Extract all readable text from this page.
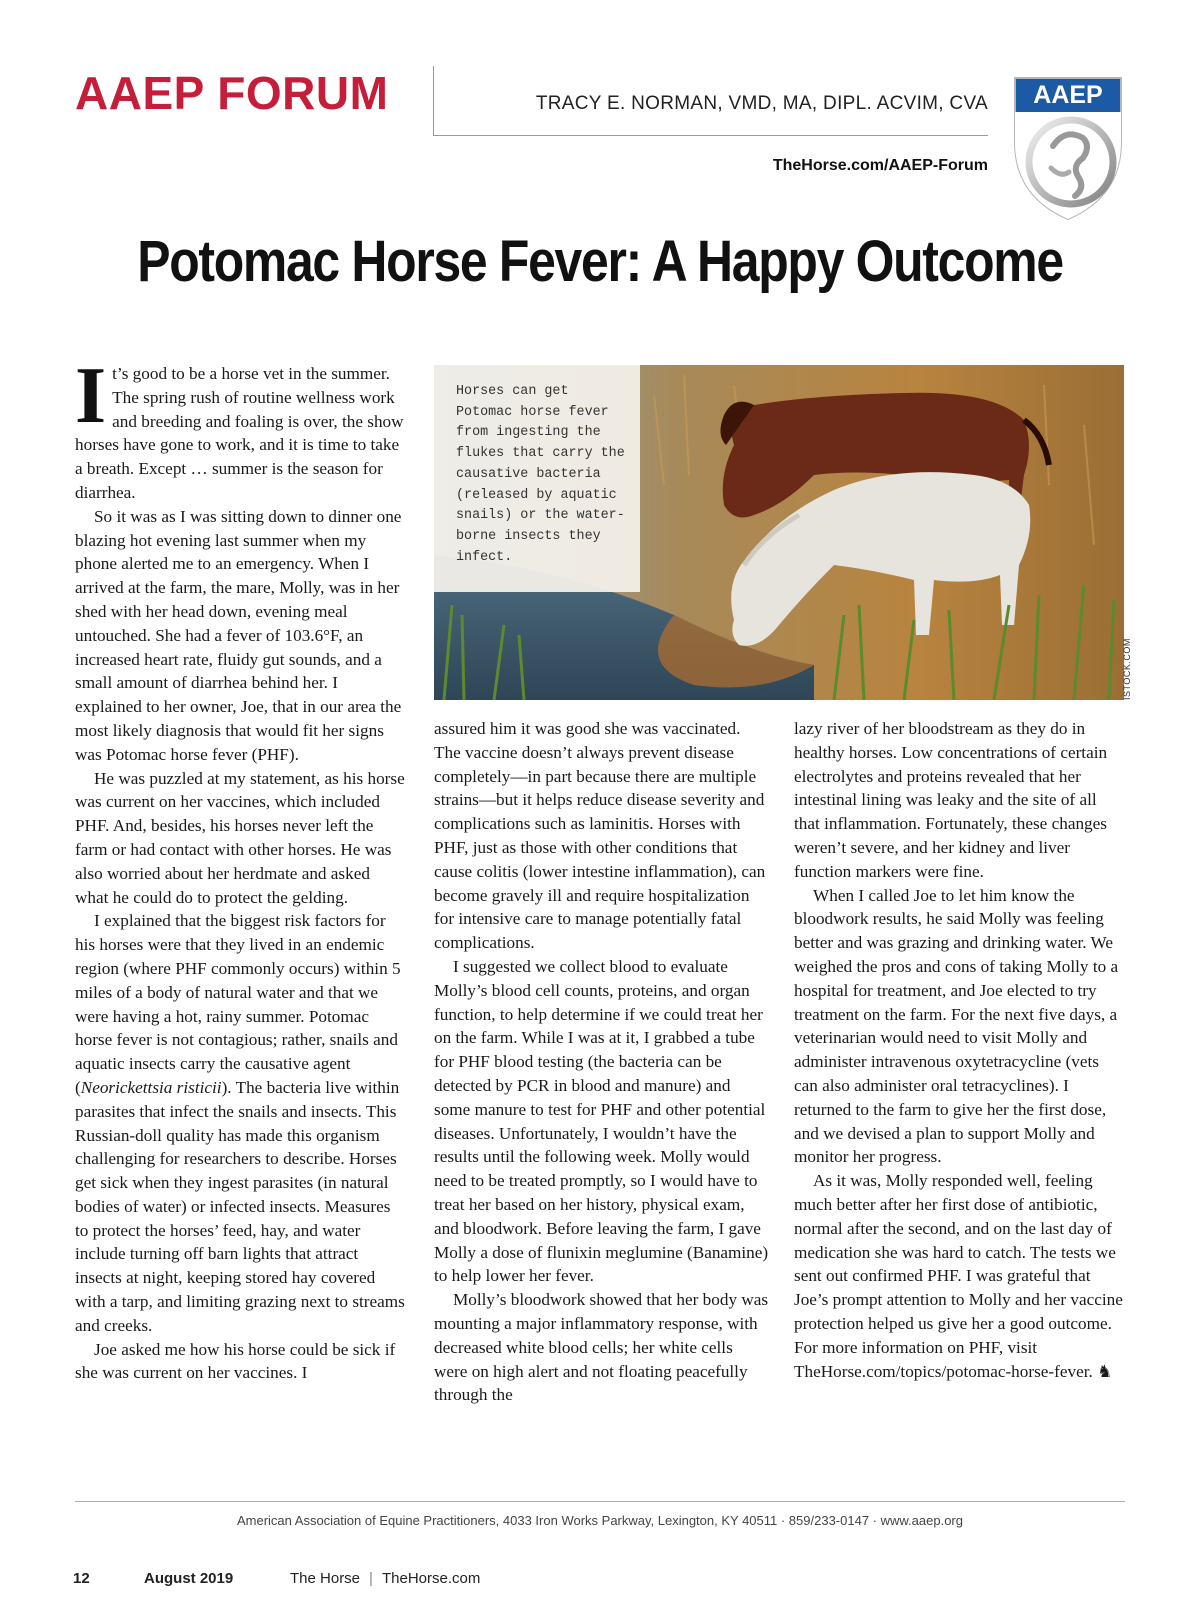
AAEP FORUM	TRACY E. NORMAN, VMD, MA, DIPL. ACVIM, CVA
TheHorse.com/AAEP-Forum
AAEP
Potomac Horse Fever: A Happy Outcome
Horses can get Potomac horse fever from ingesting the flukes that carry the causative bacteria (released by aquatic snails) or the water-borne insects they infect.
ISTOCK.COM

It’s good to be a horse vet in the summer. The spring rush of routine wellness work and breeding and foaling is over, the show horses have gone to work, and it is time to take a breath. Except … summer is the season for diarrhea.

So it was as I was sitting down to dinner one blazing hot evening last summer when my phone alerted me to an emergency. When I arrived at the farm, the mare, Molly, was in her shed with her head down, evening meal untouched. She had a fever of 103.6°F, an increased heart rate, fluidy gut sounds, and a small amount of diarrhea behind her. I explained to her owner, Joe, that in our area the most likely diagnosis that would fit her signs was Potomac horse fever (PHF).

He was puzzled at my statement, as his horse was current on her vaccines, which included PHF. And, besides, his horses never left the farm or had contact with other horses. He was also worried about her herdmate and asked what he could do to protect the gelding.

I explained that the biggest risk factors for his horses were that they lived in an endemic region (where PHF commonly occurs) within 5 miles of a body of natural water and that we were having a hot, rainy summer. Potomac horse fever is not contagious; rather, snails and aquatic insects carry the causative agent (Neorickettsia risticii). The bacteria live within parasites that infect the snails and insects. This Russian-doll quality has made this organism challenging for researchers to describe. Horses get sick when they ingest parasites (in natural bodies of water) or infected insects. Measures to protect the horses’ feed, hay, and water include turning off barn lights that attract insects at night, keeping stored hay covered with a tarp, and limiting grazing next to streams and creeks.

Joe asked me how his horse could be sick if she was current on her vaccines. I

assured him it was good she was vaccinated. The vaccine doesn’t always prevent disease completely—in part because there are multiple strains—but it helps reduce disease severity and complications such as laminitis. Horses with PHF, just as those with other conditions that cause colitis (lower intestine inflammation), can become gravely ill and require hospitalization for intensive care to manage potentially fatal complications.

I suggested we collect blood to evaluate Molly’s blood cell counts, proteins, and organ function, to help determine if we could treat her on the farm. While I was at it, I grabbed a tube for PHF blood testing (the bacteria can be detected by PCR in blood and manure) and some manure to test for PHF and other potential diseases. Unfortunately, I wouldn’t have the results until the following week. Molly would need to be treated promptly, so I would have to treat her based on her history, physical exam, and bloodwork. Before leaving the farm, I gave Molly a dose of flunixin meglumine (Banamine) to help lower her fever.

Molly’s bloodwork showed that her body was mounting a major inflammatory response, with decreased white blood cells; her white cells were on high alert and not floating peacefully through the

lazy river of her bloodstream as they do in healthy horses. Low concentrations of certain electrolytes and proteins revealed that her intestinal lining was leaky and the site of all that inflammation. Fortunately, these changes weren’t severe, and her kidney and liver function markers were fine.

When I called Joe to let him know the bloodwork results, he said Molly was feeling better and was grazing and drinking water. We weighed the pros and cons of taking Molly to a hospital for treatment, and Joe elected to try treatment on the farm. For the next five days, a veterinarian would need to visit Molly and administer intravenous oxytetracycline (vets can also administer oral tetracyclines). I returned to the farm to give her the first dose, and we devised a plan to support Molly and monitor her progress.

As it was, Molly responded well, feeling much better after her first dose of antibiotic, normal after the second, and on the last day of medication she was hard to catch. The tests we sent out confirmed PHF. I was grateful that Joe’s prompt attention to Molly and her vaccine protection helped us give her a good outcome. For more information on PHF, visit TheHorse.com/topics/potomac-horse-fever. ♞

American Association of Equine Practitioners, 4033 Iron Works Parkway, Lexington, KY 40511 · 859/233-0147 · www.aaep.org
12	August 2019	The Horse | TheHorse.com
